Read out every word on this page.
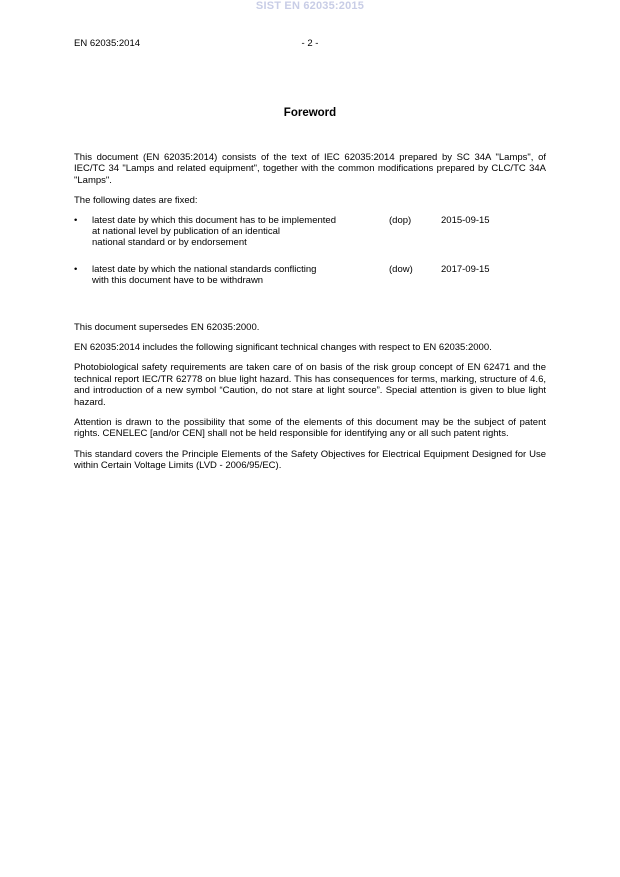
SIST EN 62035:2015
EN 62035:2014	- 2 -
Foreword

This document (EN 62035:2014) consists of the text of IEC 62035:2014 prepared by SC 34A "Lamps", of IEC/TC 34 "Lamps and related equipment", together with the common modifications prepared by CLC/TC 34A "Lamps".

The following dates are fixed:

• latest date by which this document has to be implemented
at national level by publication of an identical
national standard or by endorsement
(dop)	2015-09-15
• latest date by which the national standards conflicting
with this document have to be withdrawn
(dow)	2017-09-15

This document supersedes EN 62035:2000.

EN 62035:2014 includes the following significant technical changes with respect to EN 62035:2000.

Photobiological safety requirements are taken care of on basis of the risk group concept of EN 62471 and the technical report IEC/TR 62778 on blue light hazard. This has consequences for terms, marking, structure of 4.6, and introduction of a new symbol “Caution, do not stare at light source”. Special attention is given to blue light hazard.

Attention is drawn to the possibility that some of the elements of this document may be the subject of patent rights. CENELEC [and/or CEN] shall not be held responsible for identifying any or all such patent rights.

This standard covers the Principle Elements of the Safety Objectives for Electrical Equipment Designed for Use within Certain Voltage Limits (LVD - 2006/95/EC).
